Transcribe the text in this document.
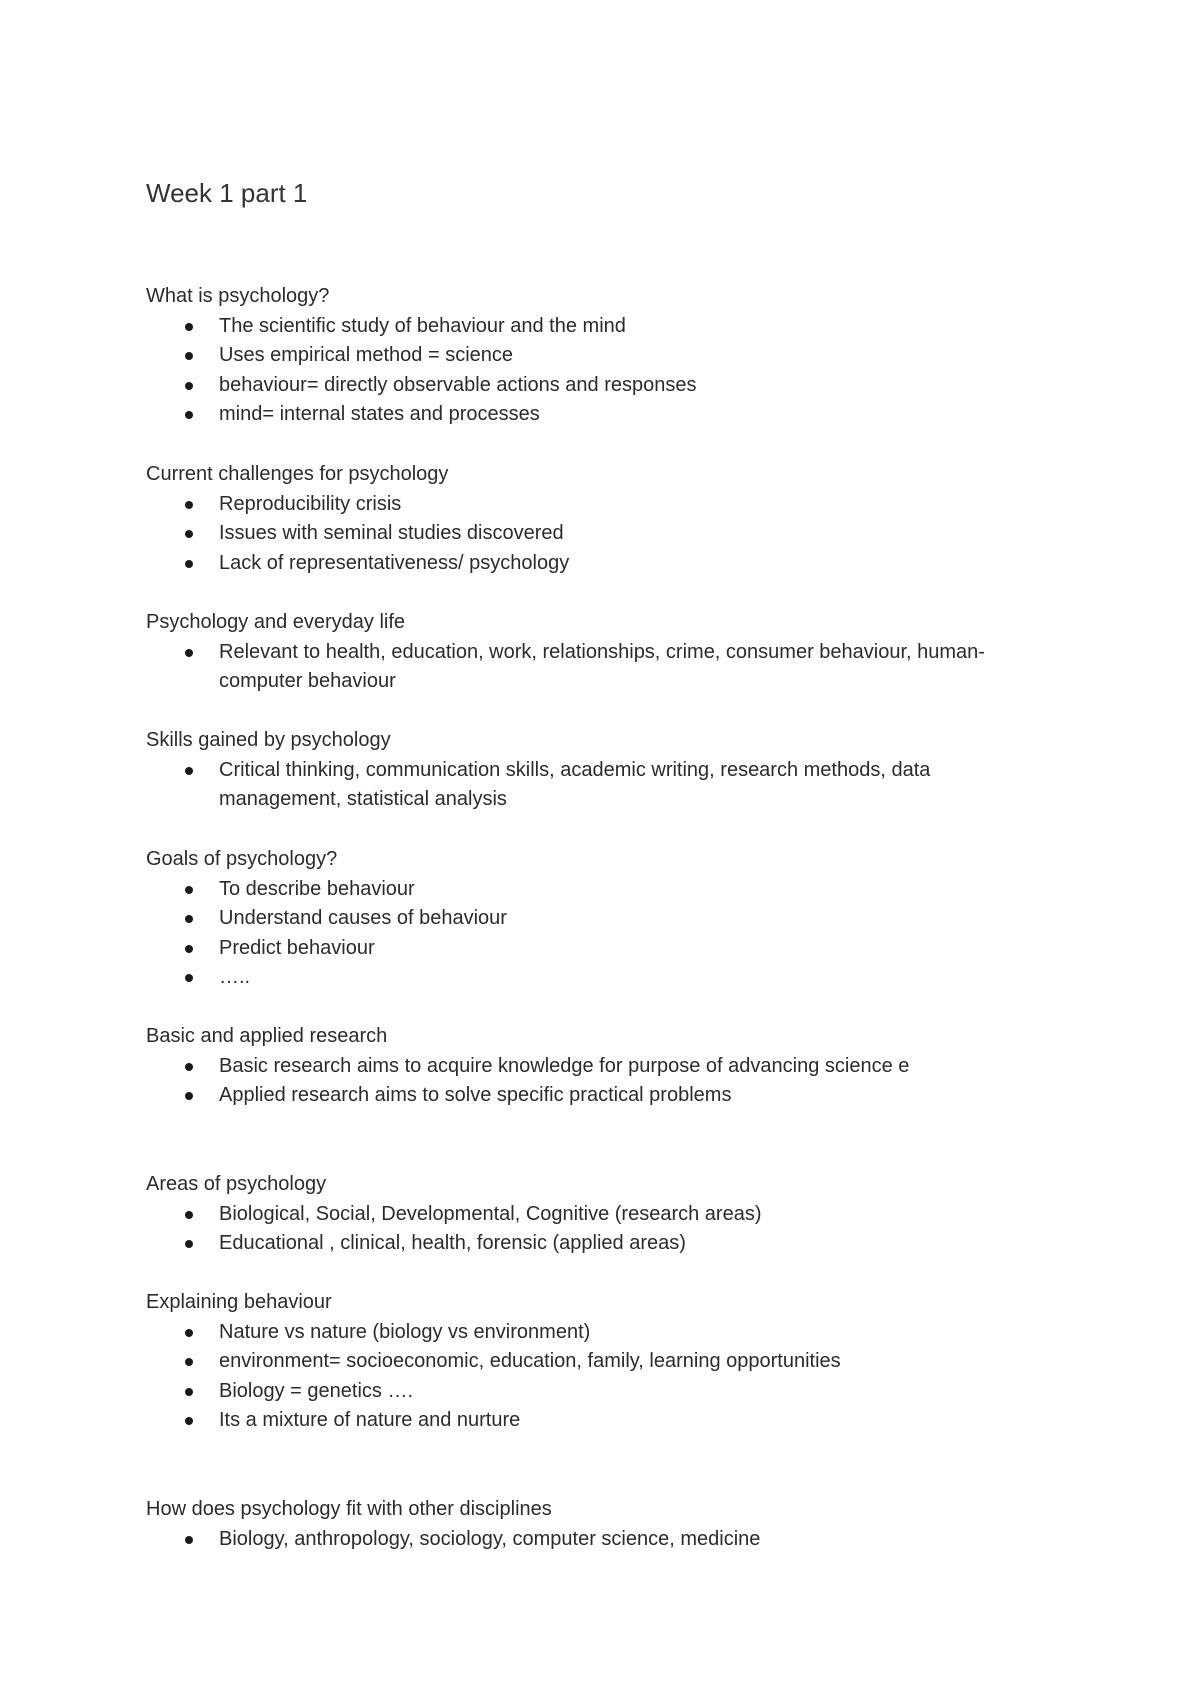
Week 1 part 1
What is psychology?
The scientific study of behaviour and the mind
Uses empirical method = science
behaviour= directly observable actions and responses
mind= internal states and processes
Current challenges for psychology
Reproducibility crisis
Issues with seminal studies discovered
Lack of representativeness/ psychology
Psychology and everyday life
Relevant to health, education, work, relationships, crime, consumer behaviour, human- computer behaviour
Skills gained by psychology
Critical thinking, communication skills, academic writing, research methods, data management, statistical analysis
Goals of psychology?
To describe behaviour
Understand causes of behaviour
Predict behaviour
…..
Basic and applied research
Basic research aims to acquire knowledge for purpose of advancing science e
Applied research aims to solve specific practical problems
Areas of psychology
Biological, Social, Developmental, Cognitive (research areas)
Educational , clinical, health, forensic (applied areas)
Explaining behaviour
Nature vs nature (biology vs environment)
environment= socioeconomic, education, family, learning opportunities
Biology = genetics ….
Its a mixture of nature and nurture
How does psychology fit with other disciplines
Biology, anthropology, sociology, computer science, medicine
